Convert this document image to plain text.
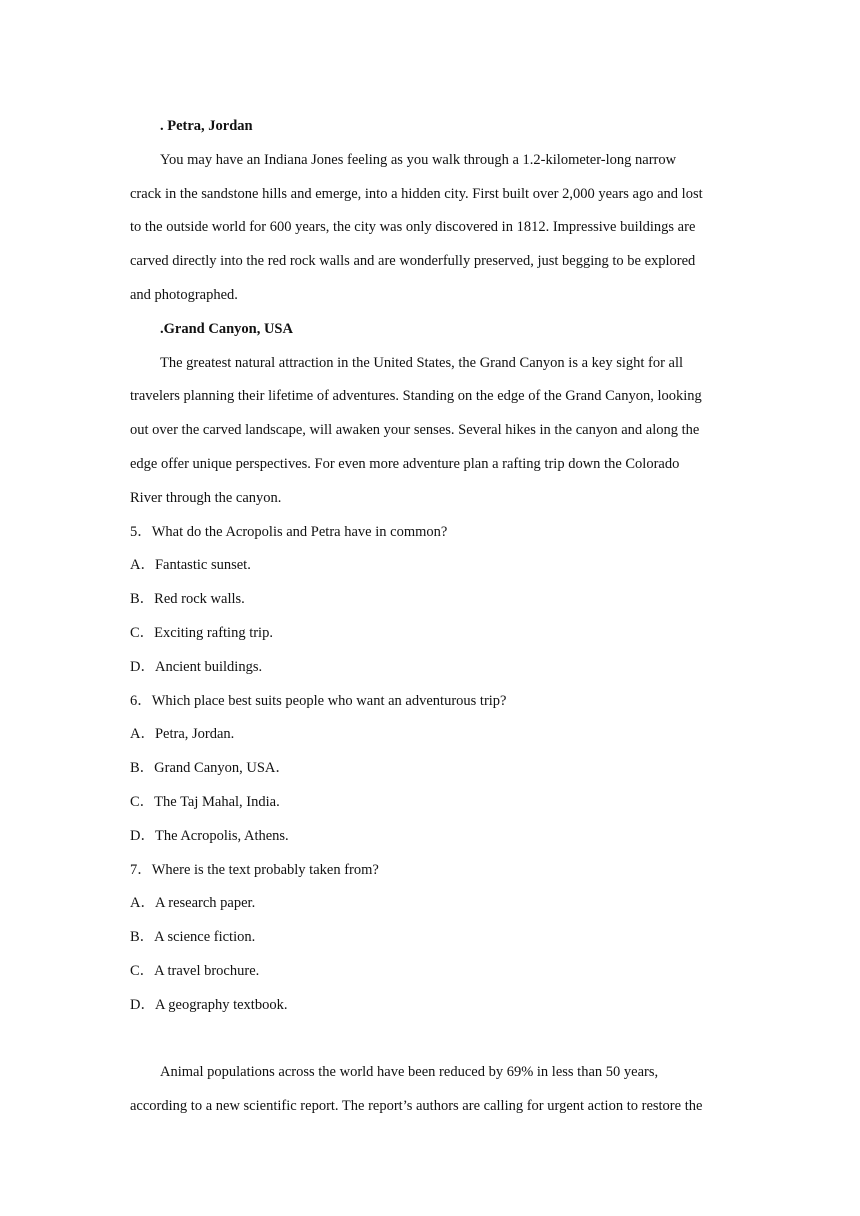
. Petra, Jordan
You may have an Indiana Jones feeling as you walk through a 1.2-kilometer-long narrow
crack in the sandstone hills and emerge, into a hidden city. First built over 2,000 years ago and lost
to the outside world for 600 years, the city was only discovered in 1812. Impressive buildings are
carved directly into the red rock walls and are wonderfully preserved, just begging to be explored
and photographed.
.Grand Canyon, USA
The greatest natural attraction in the United States, the Grand Canyon is a key sight for all
travelers planning their lifetime of adventures. Standing on the edge of the Grand Canyon, looking
out over the carved landscape, will awaken your senses. Several hikes in the canyon and along the
edge offer unique perspectives. For even more adventure plan a rafting trip down the Colorado
River through the canyon.
5．What do the Acropolis and Petra have in common?
A．Fantastic sunset.
B．Red rock walls.
C．Exciting rafting trip.
D．Ancient buildings.
6．Which place best suits people who want an adventurous trip?
A．Petra, Jordan.
B．Grand Canyon, USA．
C．The Taj Mahal, India.
D．The Acropolis, Athens.
7．Where is the text probably taken from?
A．A research paper.
B．A science fiction.
C．A travel brochure.
D．A geography textbook.
Animal populations across the world have been reduced by 69% in less than 50 years,
according to a new scientific report. The report’s authors are calling for urgent action to restore the
